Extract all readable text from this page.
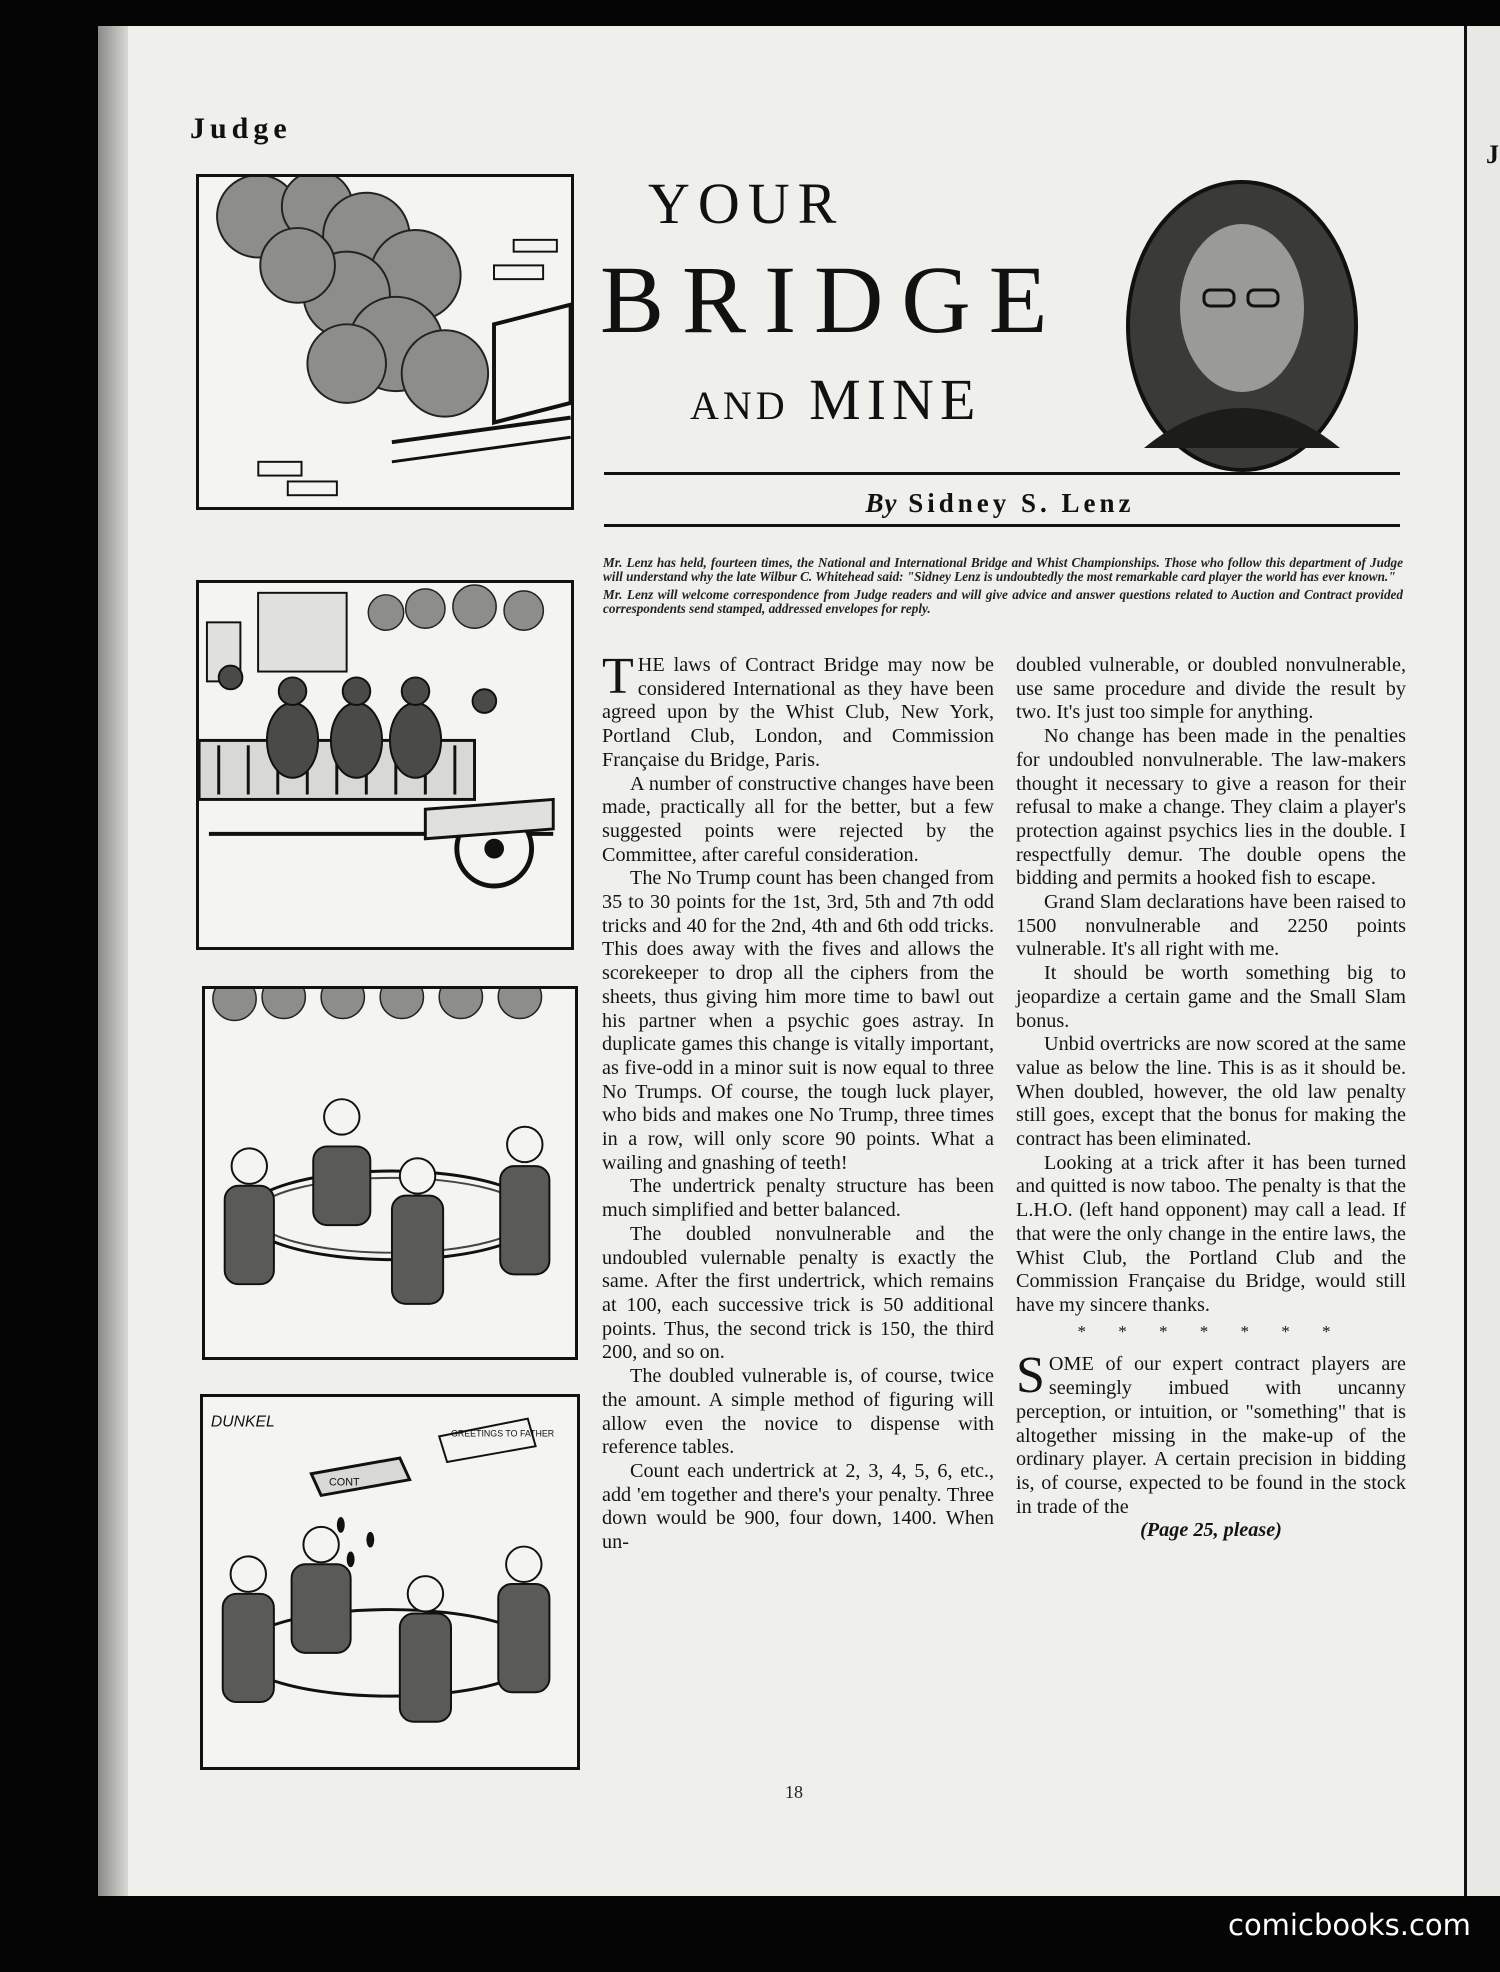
J
Judge
DUNKEL
CONT
GREETINGS TO FATHER
YOUR
BRIDGE
AND MINE
By Sidney S. Lenz

Mr. Lenz has held, fourteen times, the National and International Bridge and Whist Championships. Those who follow this department of Judge will understand why the late Wilbur C. Whitehead said: "Sidney Lenz is undoubtedly the most remarkable card player the world has ever known."

Mr. Lenz will welcome correspondence from Judge readers and will give advice and answer questions related to Auction and Contract provided correspondents send stamped, addressed envelopes for reply.

THE laws of Contract Bridge may now be considered International as they have been agreed upon by the Whist Club, New York, Portland Club, London, and Commission Française du Bridge, Paris.

A number of constructive changes have been made, practically all for the better, but a few suggested points were rejected by the Committee, after careful consideration.

The No Trump count has been changed from 35 to 30 points for the 1st, 3rd, 5th and 7th odd tricks and 40 for the 2nd, 4th and 6th odd tricks. This does away with the fives and allows the scorekeeper to drop all the ciphers from the sheets, thus giving him more time to bawl out his partner when a psychic goes astray. In duplicate games this change is vitally important, as five-odd in a minor suit is now equal to three No Trumps. Of course, the tough luck player, who bids and makes one No Trump, three times in a row, will only score 90 points. What a wailing and gnashing of teeth!

The undertrick penalty structure has been much simplified and better balanced.

The doubled nonvulnerable and the undoubled vulernable penalty is exactly the same. After the first undertrick, which remains at 100, each successive trick is 50 additional points. Thus, the second trick is 150, the third 200, and so on.

The doubled vulnerable is, of course, twice the amount. A simple method of figuring will allow even the novice to dispense with reference tables.

Count each undertrick at 2, 3, 4, 5, 6, etc., add 'em together and there's your penalty. Three down would be 900, four down, 1400. When un-

doubled vulnerable, or doubled nonvulnerable, use same procedure and divide the result by two. It's just too simple for anything.

No change has been made in the penalties for undoubled nonvulnerable. The law-makers thought it necessary to give a reason for their refusal to make a change. They claim a player's protection against psychics lies in the double. I respectfully demur. The double opens the bidding and permits a hooked fish to escape.

Grand Slam declarations have been raised to 1500 nonvulnerable and 2250 points vulnerable. It's all right with me.

It should be worth something big to jeopardize a certain game and the Small Slam bonus.

Unbid overtricks are now scored at the same value as below the line. This is as it should be. When doubled, however, the old law penalty still goes, except that the bonus for making the contract has been eliminated.

Looking at a trick after it has been turned and quitted is now taboo. The penalty is that the L.H.O. (left hand opponent) may call a lead. If that were the only change in the entire laws, the Whist Club, the Portland Club and the Commission Française du Bridge, would still have my sincere thanks.

* * * * * * *

SOME of our expert contract players are seemingly imbued with uncanny perception, or intuition, or "something" that is altogether missing in the make-up of the ordinary player. A certain precision in bidding is, of course, expected to be found in the stock in trade of the

(Page 25, please)
18
comicbooks.com
